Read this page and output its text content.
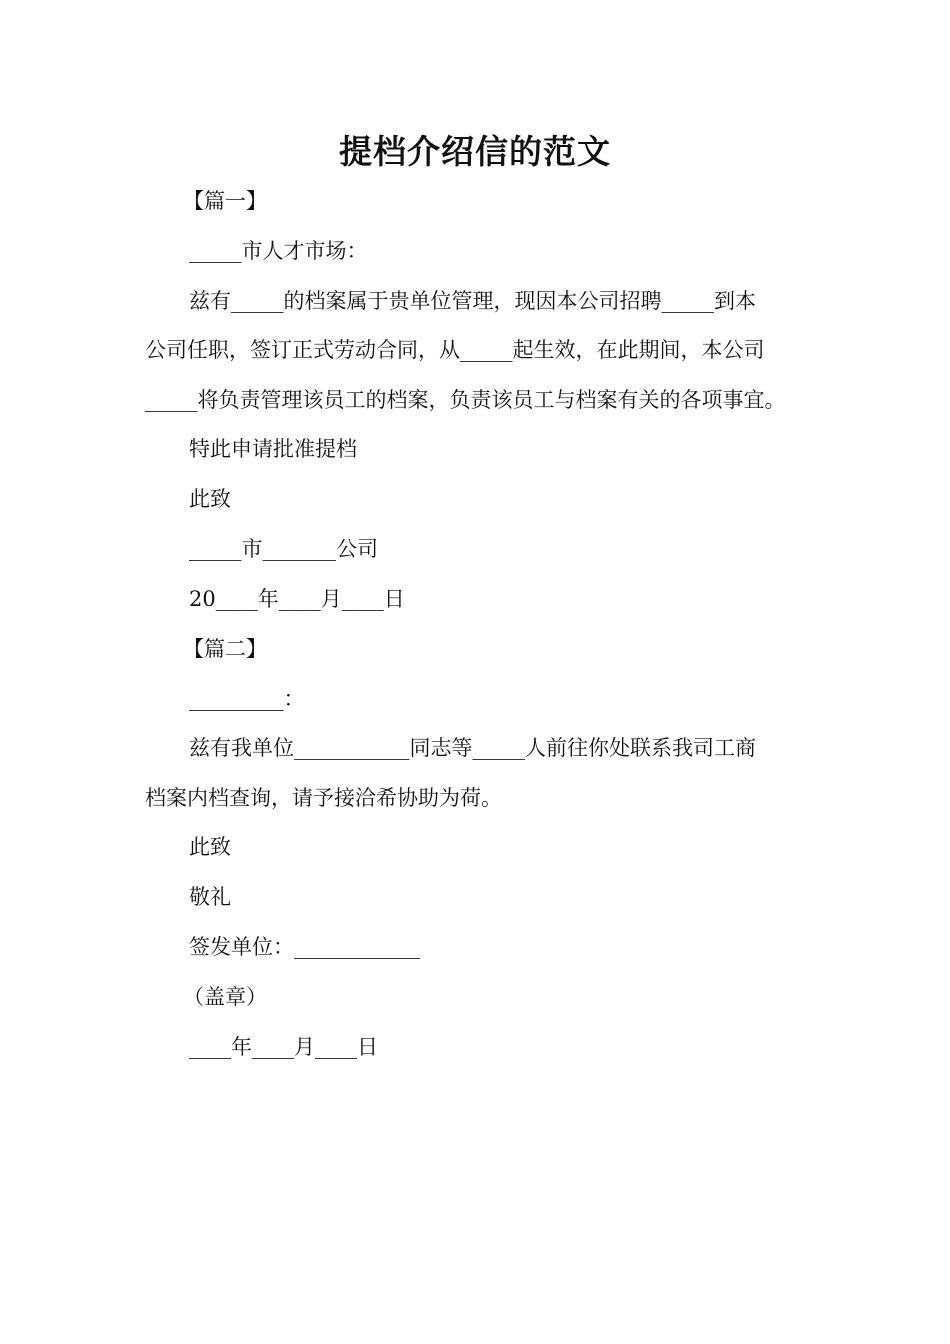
提档介绍信的范文
【篇一】
_____市人才市场：
兹有_____的档案属于贵单位管理，现因本公司招聘_____到本
公司任职，签订正式劳动合同，从_____起生效，在此期间，本公司
_____将负责管理该员工的档案，负责该员工与档案有关的各项事宜。
特此申请批准提档
此致
_____市_______公司
20____年____月____日
【篇二】
_________：
兹有我单位___________同志等_____人前往你处联系我司工商
档案内档查询，请予接洽希协助为荷。
此致
敬礼
签发单位：____________
（盖章）
____年____月____日
